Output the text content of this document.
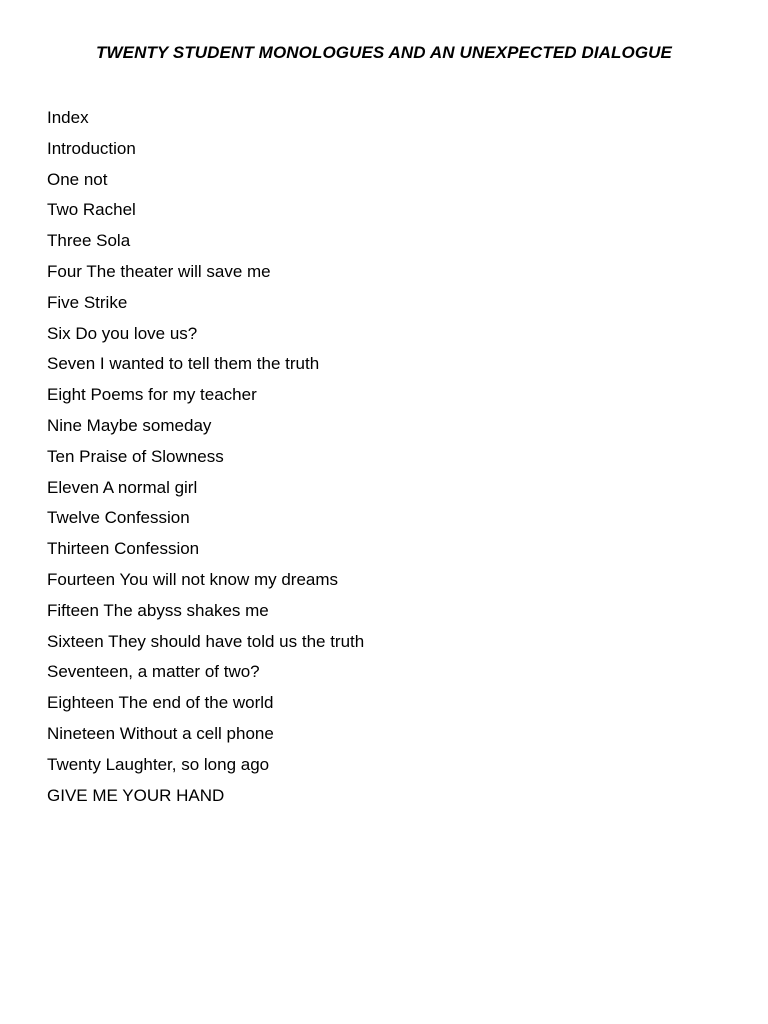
TWENTY STUDENT MONOLOGUES AND AN UNEXPECTED DIALOGUE
Index
Introduction
One not
Two Rachel
Three Sola
Four The theater will save me
Five Strike
Six Do you love us?
Seven I wanted to tell them the truth
Eight Poems for my teacher
Nine Maybe someday
Ten Praise of Slowness
Eleven A normal girl
Twelve Confession
Thirteen Confession
Fourteen You will not know my dreams
Fifteen The abyss shakes me
Sixteen They should have told us the truth
Seventeen, a matter of two?
Eighteen The end of the world
Nineteen Without a cell phone
Twenty Laughter, so long ago
GIVE ME YOUR HAND
